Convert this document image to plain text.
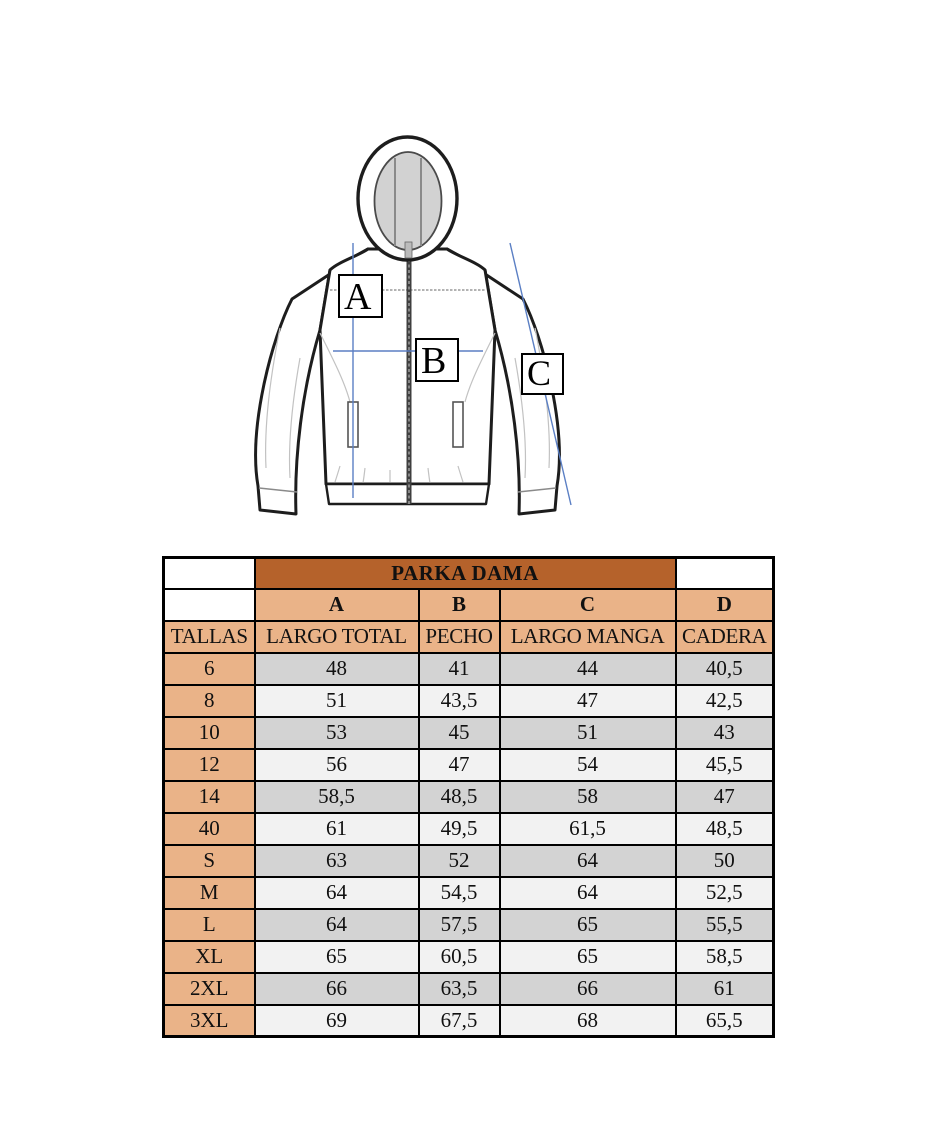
A
B	C
	PARKA DAMA			
	A	B	C	D
TALLAS	LARGO TOTAL	PECHO	LARGO MANGA	CADERA
6	48	41	44	40,5
8	51	43,5	47	42,5
10	53	45	51	43
12	56	47	54	45,5
14	58,5	48,5	58	47
40	61	49,5	61,5	48,5
S	63	52	64	50
M	64	54,5	64	52,5
L	64	57,5	65	55,5
XL	65	60,5	65	58,5
2XL	66	63,5	66	61
3XL	69	67,5	68	65,5
